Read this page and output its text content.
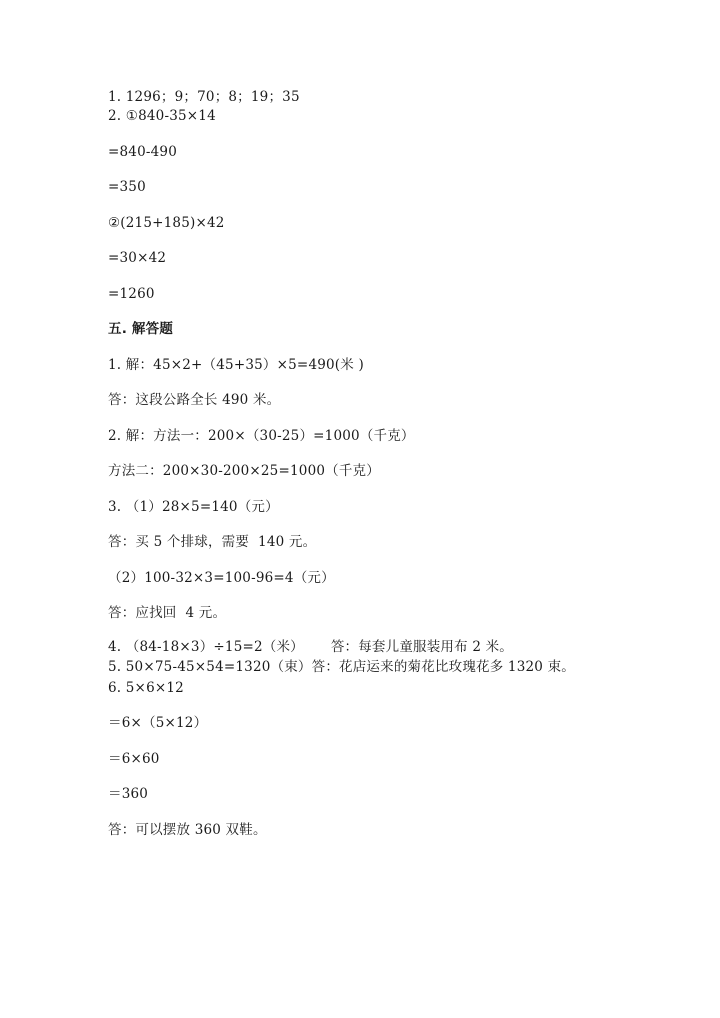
1. 1296；9；70；8；19；35
2. ①840-35×14
=840-490
=350
②(215+185)×42
=30×42
=1260
五. 解答题
1. 解：45×2+（45+35）×5=490(米 )
答：这段公路全长 490 米。
2. 解：方法一：200×（30-25）=1000（千克）
方法二：200×30-200×25=1000（千克）
3. （1）28×5=140（元）
答：买 5 个排球，需要  140 元。
（2）100-32×3=100-96=4（元）
答：应找回  4 元。
4. （84-18×3）÷15=2（米）      答：每套儿童服装用布 2 米。
5. 50×75-45×54=1320（束）答：花店运来的菊花比玫瑰花多 1320 束。
6. 5×6×12
＝6×（5×12）
＝6×60
＝360
答：可以摆放 360 双鞋。
